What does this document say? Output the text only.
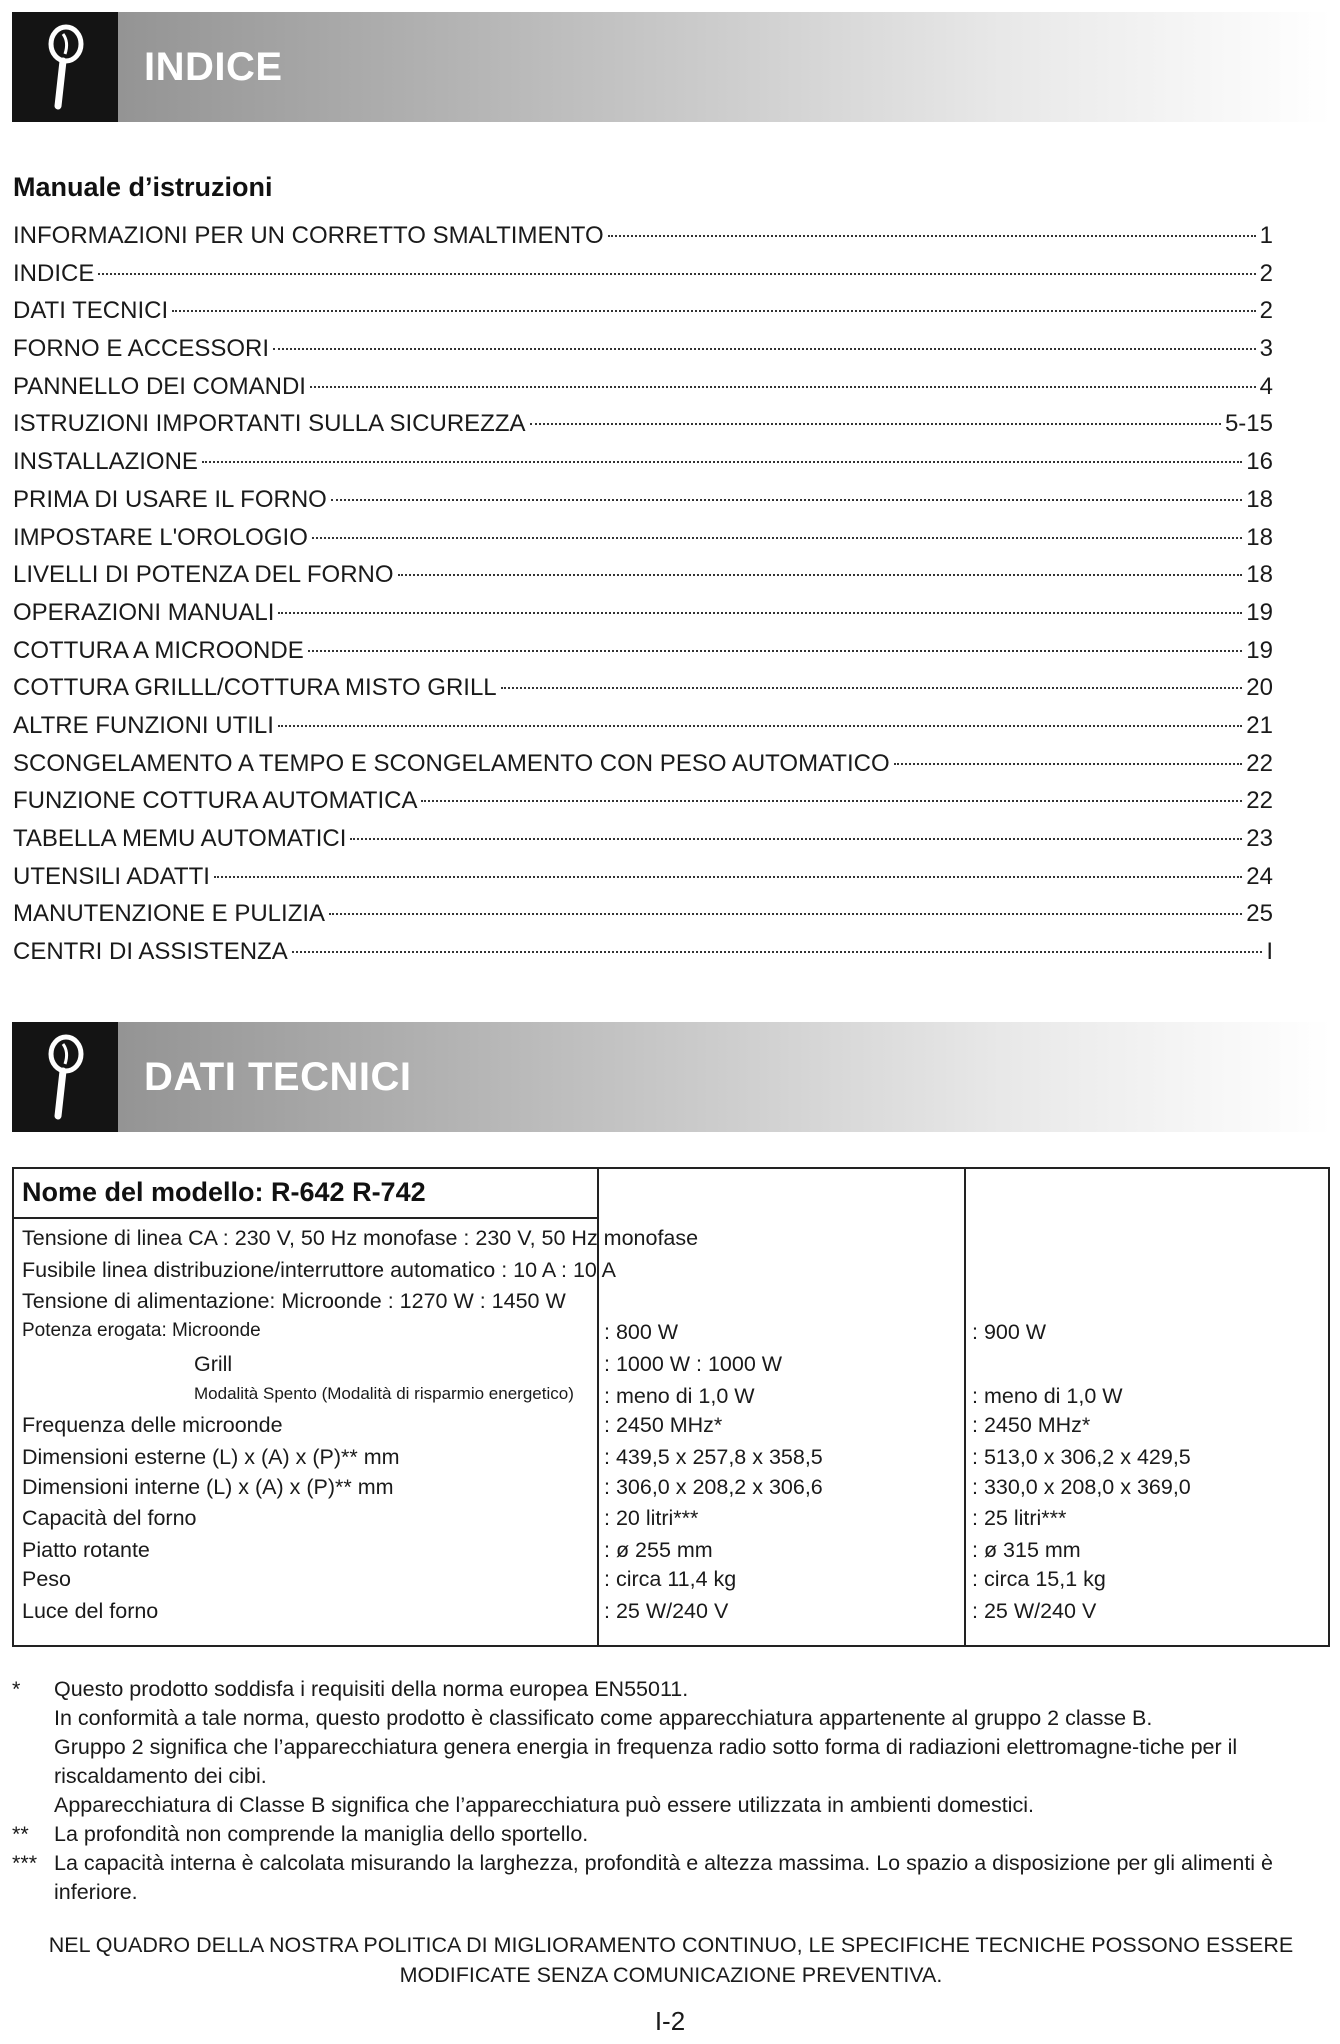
INDICE
Manuale d’istruzioni
INFORMAZIONI PER UN CORRETTO SMALTIMENTO	1
INDICE	2
DATI TECNICI	2
FORNO E ACCESSORI	3
PANNELLO DEI COMANDI	4
ISTRUZIONI IMPORTANTI SULLA SICUREZZA	5-15
INSTALLAZIONE	16
PRIMA DI USARE IL FORNO	18
IMPOSTARE L'OROLOGIO	18
LIVELLI DI POTENZA DEL FORNO	18
OPERAZIONI MANUALI	19
COTTURA A MICROONDE	19
COTTURA GRILLL/COTTURA MISTO GRILL	20
ALTRE FUNZIONI UTILI	21
SCONGELAMENTO A TEMPO E SCONGELAMENTO CON PESO AUTOMATICO	22
FUNZIONE COTTURA AUTOMATICA	22
TABELLA MEMU AUTOMATICI	23
UTENSILI ADATTI	24
MANUTENZIONE E PULIZIA	25
CENTRI DI ASSISTENZA	I
DATI TECNICI
Nome del modello: R-642 R-742
Tensione di linea CA : 230 V, 50 Hz monofase : 230 V, 50 Hz monofase
Fusibile linea distribuzione/interruttore automatico : 10 A : 10 A
Tensione di alimentazione: Microonde : 1270 W : 1450 W
Potenza erogata: Microonde	: 800 W	: 900 W
Grill	: 1000 W : 1000 W
Modalità Spento (Modalità di risparmio energetico) : meno di 1,0 W	: meno di 1,0 W
Frequenza delle microonde	: 2450 MHz*	: 2450 MHz*
Dimensioni esterne (L) x (A) x (P)** mm	: 439,5 x 257,8 x 358,5	: 513,0 x 306,2 x 429,5
Dimensioni interne (L) x (A) x (P)** mm	: 306,0 x 208,2 x 306,6	: 330,0 x 208,0 x 369,0
Capacità del forno	: 20 litri***	: 25 litri***
Piatto rotante	: ø 255 mm	: ø 315 mm
Peso	: circa 11,4 kg	: circa 15,1 kg
Luce del forno	: 25 W/240 V	: 25 W/240 V
* Questo prodotto soddisfa i requisiti della norma europea EN55011.
In conformità a tale norma, questo prodotto è classificato come apparecchiatura appartenente al gruppo 2 classe B.
Gruppo 2 significa che l’apparecchiatura genera energia in frequenza radio sotto forma di radiazioni elettromagne-tiche per il riscaldamento dei cibi.
Apparecchiatura di Classe B significa che l’apparecchiatura può essere utilizzata in ambienti domestici.
** La profondità non comprende la maniglia dello sportello.
*** La capacità interna è calcolata misurando la larghezza, profondità e altezza massima. Lo spazio a disposizione per gli alimenti è inferiore.
NEL QUADRO DELLA NOSTRA POLITICA DI MIGLIORAMENTO CONTINUO, LE SPECIFICHE TECNICHE POSSONO ESSERE MODIFICATE SENZA COMUNICAZIONE PREVENTIVA.
I-2
